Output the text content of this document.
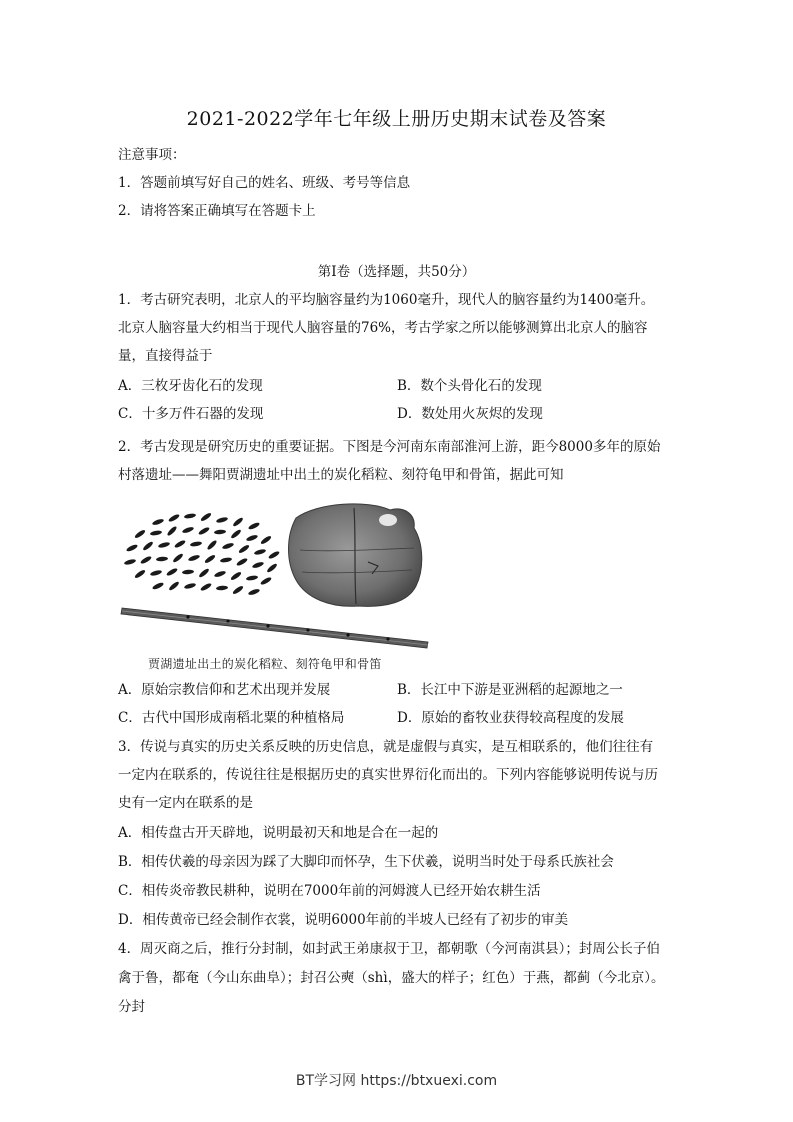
2021-2022学年七年级上册历史期末试卷及答案
注意事项：
1．答题前填写好自己的姓名、班级、考号等信息
2．请将答案正确填写在答题卡上
第Ⅰ卷（选择题，共50分）
1．考古研究表明，北京人的平均脑容量约为1060毫升，现代人的脑容量约为1400毫升。
北京人脑容量大约相当于现代人脑容量的76%，考古学家之所以能够测算出北京人的脑容
量，直接得益于
A．三枚牙齿化石的发现	B．数个头骨化石的发现
C．十多万件石器的发现	D．数处用火灰烬的发现
2．考古发现是研究历史的重要证据。下图是今河南东南部淮河上游，距今8000多年的原始
村落遗址——舞阳贾湖遗址中出土的炭化稻粒、刻符龟甲和骨笛，据此可知
贾湖遗址出土的炭化稻粒、刻符龟甲和骨笛
A．原始宗教信仰和艺术出现并发展	B．长江中下游是亚洲稻的起源地之一
C．古代中国形成南稻北粟的种植格局	D．原始的畜牧业获得较高程度的发展
3．传说与真实的历史关系反映的历史信息，就是虚假与真实，是互相联系的，他们往往有
一定内在联系的，传说往往是根据历史的真实世界衍化而出的。下列内容能够说明传说与历
史有一定内在联系的是
A．相传盘古开天辟地，说明最初天和地是合在一起的
B．相传伏羲的母亲因为踩了大脚印而怀孕，生下伏羲，说明当时处于母系氏族社会
C．相传炎帝教民耕种，说明在7000年前的河姆渡人已经开始农耕生活
D．相传黄帝已经会制作衣裳，说明6000年前的半坡人已经有了初步的审美
4．周灭商之后，推行分封制，如封武王弟康叔于卫，都朝歌（今河南淇县）；封周公长子伯
禽于鲁，都奄（今山东曲阜）；封召公奭（shì，盛大的样子；红色）于燕，都蓟（今北京）。
分封
BT学习网 https://btxuexi.com
